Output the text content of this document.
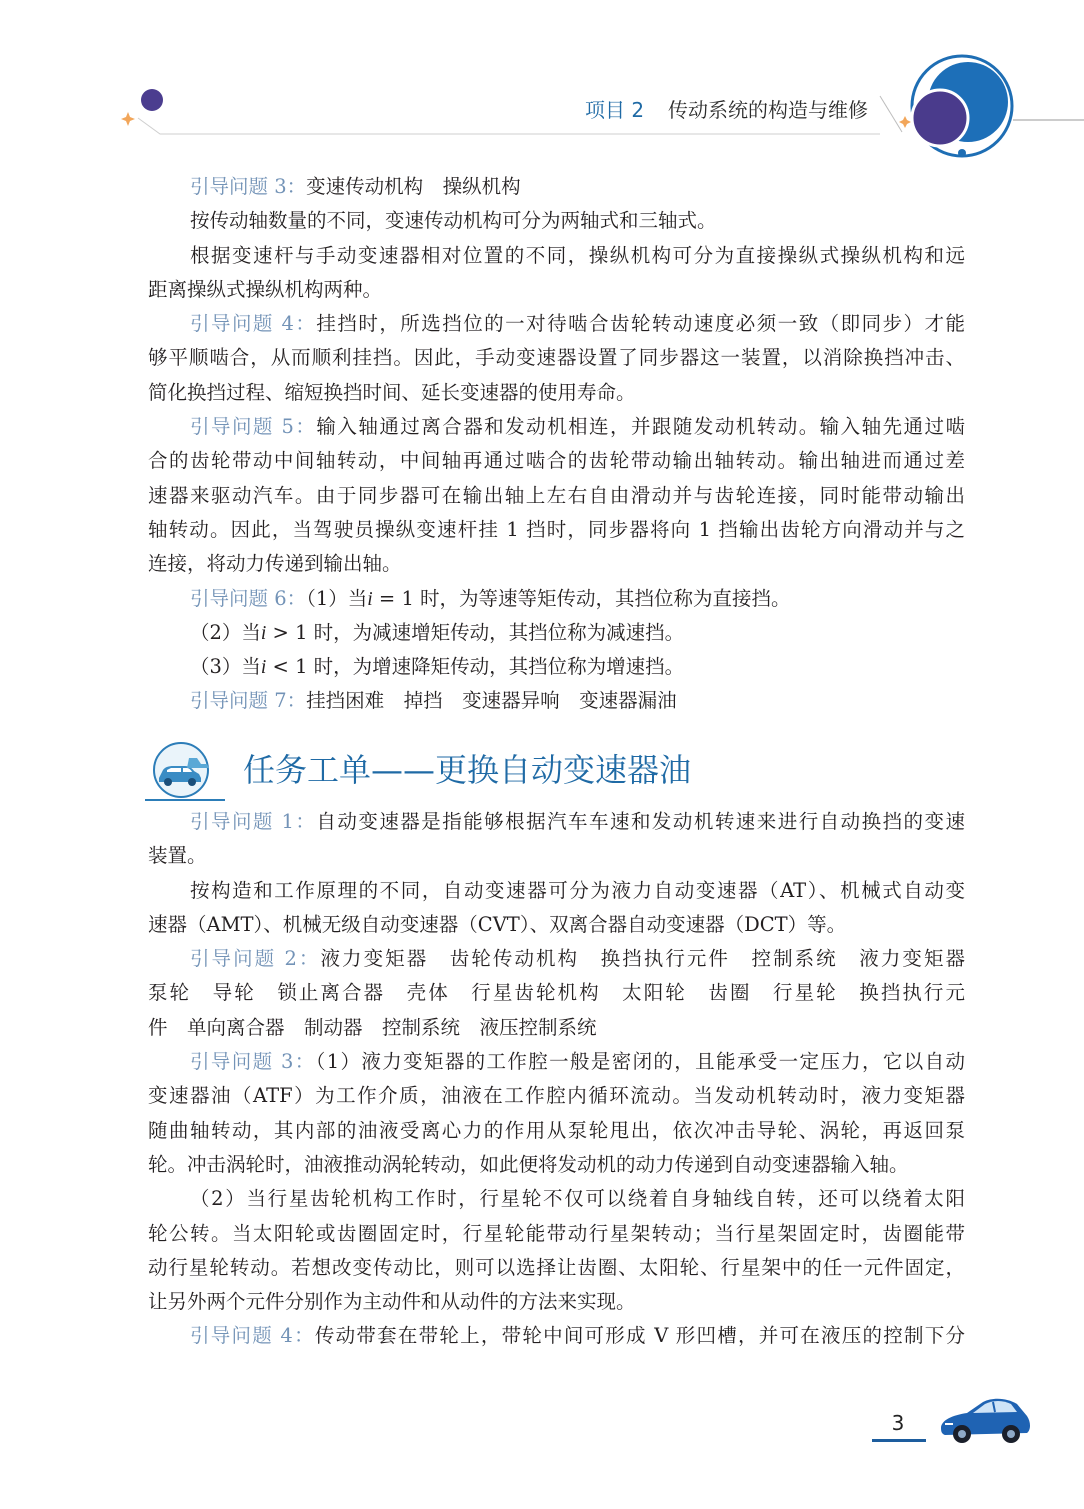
项目 2 传动系统的构造与维修
引导问题 3：变速传动机构　操纵机构
按传动轴数量的不同，变速传动机构可分为两轴式和三轴式。
根据变速杆与手动变速器相对位置的不同，操纵机构可分为直接操纵式操纵机构和远
距离操纵式操纵机构两种。
引导问题 4：挂挡时，所选挡位的一对待啮合齿轮转动速度必须一致（即同步）才能
够平顺啮合，从而顺利挂挡。因此，手动变速器设置了同步器这一装置，以消除换挡冲击、
简化换挡过程、缩短换挡时间、延长变速器的使用寿命。
引导问题 5：输入轴通过离合器和发动机相连，并跟随发动机转动。输入轴先通过啮
合的齿轮带动中间轴转动，中间轴再通过啮合的齿轮带动输出轴转动。输出轴进而通过差
速器来驱动汽车。由于同步器可在输出轴上左右自由滑动并与齿轮连接，同时能带动输出
轴转动。因此，当驾驶员操纵变速杆挂 1 挡时，同步器将向 1 挡输出齿轮方向滑动并与之
连接，将动力传递到输出轴。
引导问题 6：（1）当i = 1 时，为等速等矩传动，其挡位称为直接挡。
（2）当i > 1 时，为减速增矩传动，其挡位称为减速挡。
（3）当i < 1 时，为增速降矩传动，其挡位称为增速挡。
引导问题 7：挂挡困难　掉挡　变速器异响　变速器漏油
任务工单——更换自动变速器油
引导问题 1：自动变速器是指能够根据汽车车速和发动机转速来进行自动换挡的变速
装置。
按构造和工作原理的不同，自动变速器可分为液力自动变速器（AT）、机械式自动变
速器（AMT）、机械无级自动变速器（CVT）、双离合器自动变速器（DCT）等。
引导问题 2：液力变矩器　齿轮传动机构　换挡执行元件　控制系统　液力变矩器
泵轮　导轮　锁止离合器　壳体　行星齿轮机构　太阳轮　齿圈　行星轮　换挡执行元
件　单向离合器　制动器　控制系统　液压控制系统
引导问题 3：（1）液力变矩器的工作腔一般是密闭的，且能承受一定压力，它以自动
变速器油（ATF）为工作介质，油液在工作腔内循环流动。当发动机转动时，液力变矩器
随曲轴转动，其内部的油液受离心力的作用从泵轮甩出，依次冲击导轮、涡轮，再返回泵
轮。冲击涡轮时，油液推动涡轮转动，如此便将发动机的动力传递到自动变速器输入轴。
（2）当行星齿轮机构工作时，行星轮不仅可以绕着自身轴线自转，还可以绕着太阳
轮公转。当太阳轮或齿圈固定时，行星轮能带动行星架转动；当行星架固定时，齿圈能带
动行星轮转动。若想改变传动比，则可以选择让齿圈、太阳轮、行星架中的任一元件固定，
让另外两个元件分别作为主动件和从动件的方法来实现。
引导问题 4：传动带套在带轮上，带轮中间可形成 V 形凹槽，并可在液压的控制下分
3
